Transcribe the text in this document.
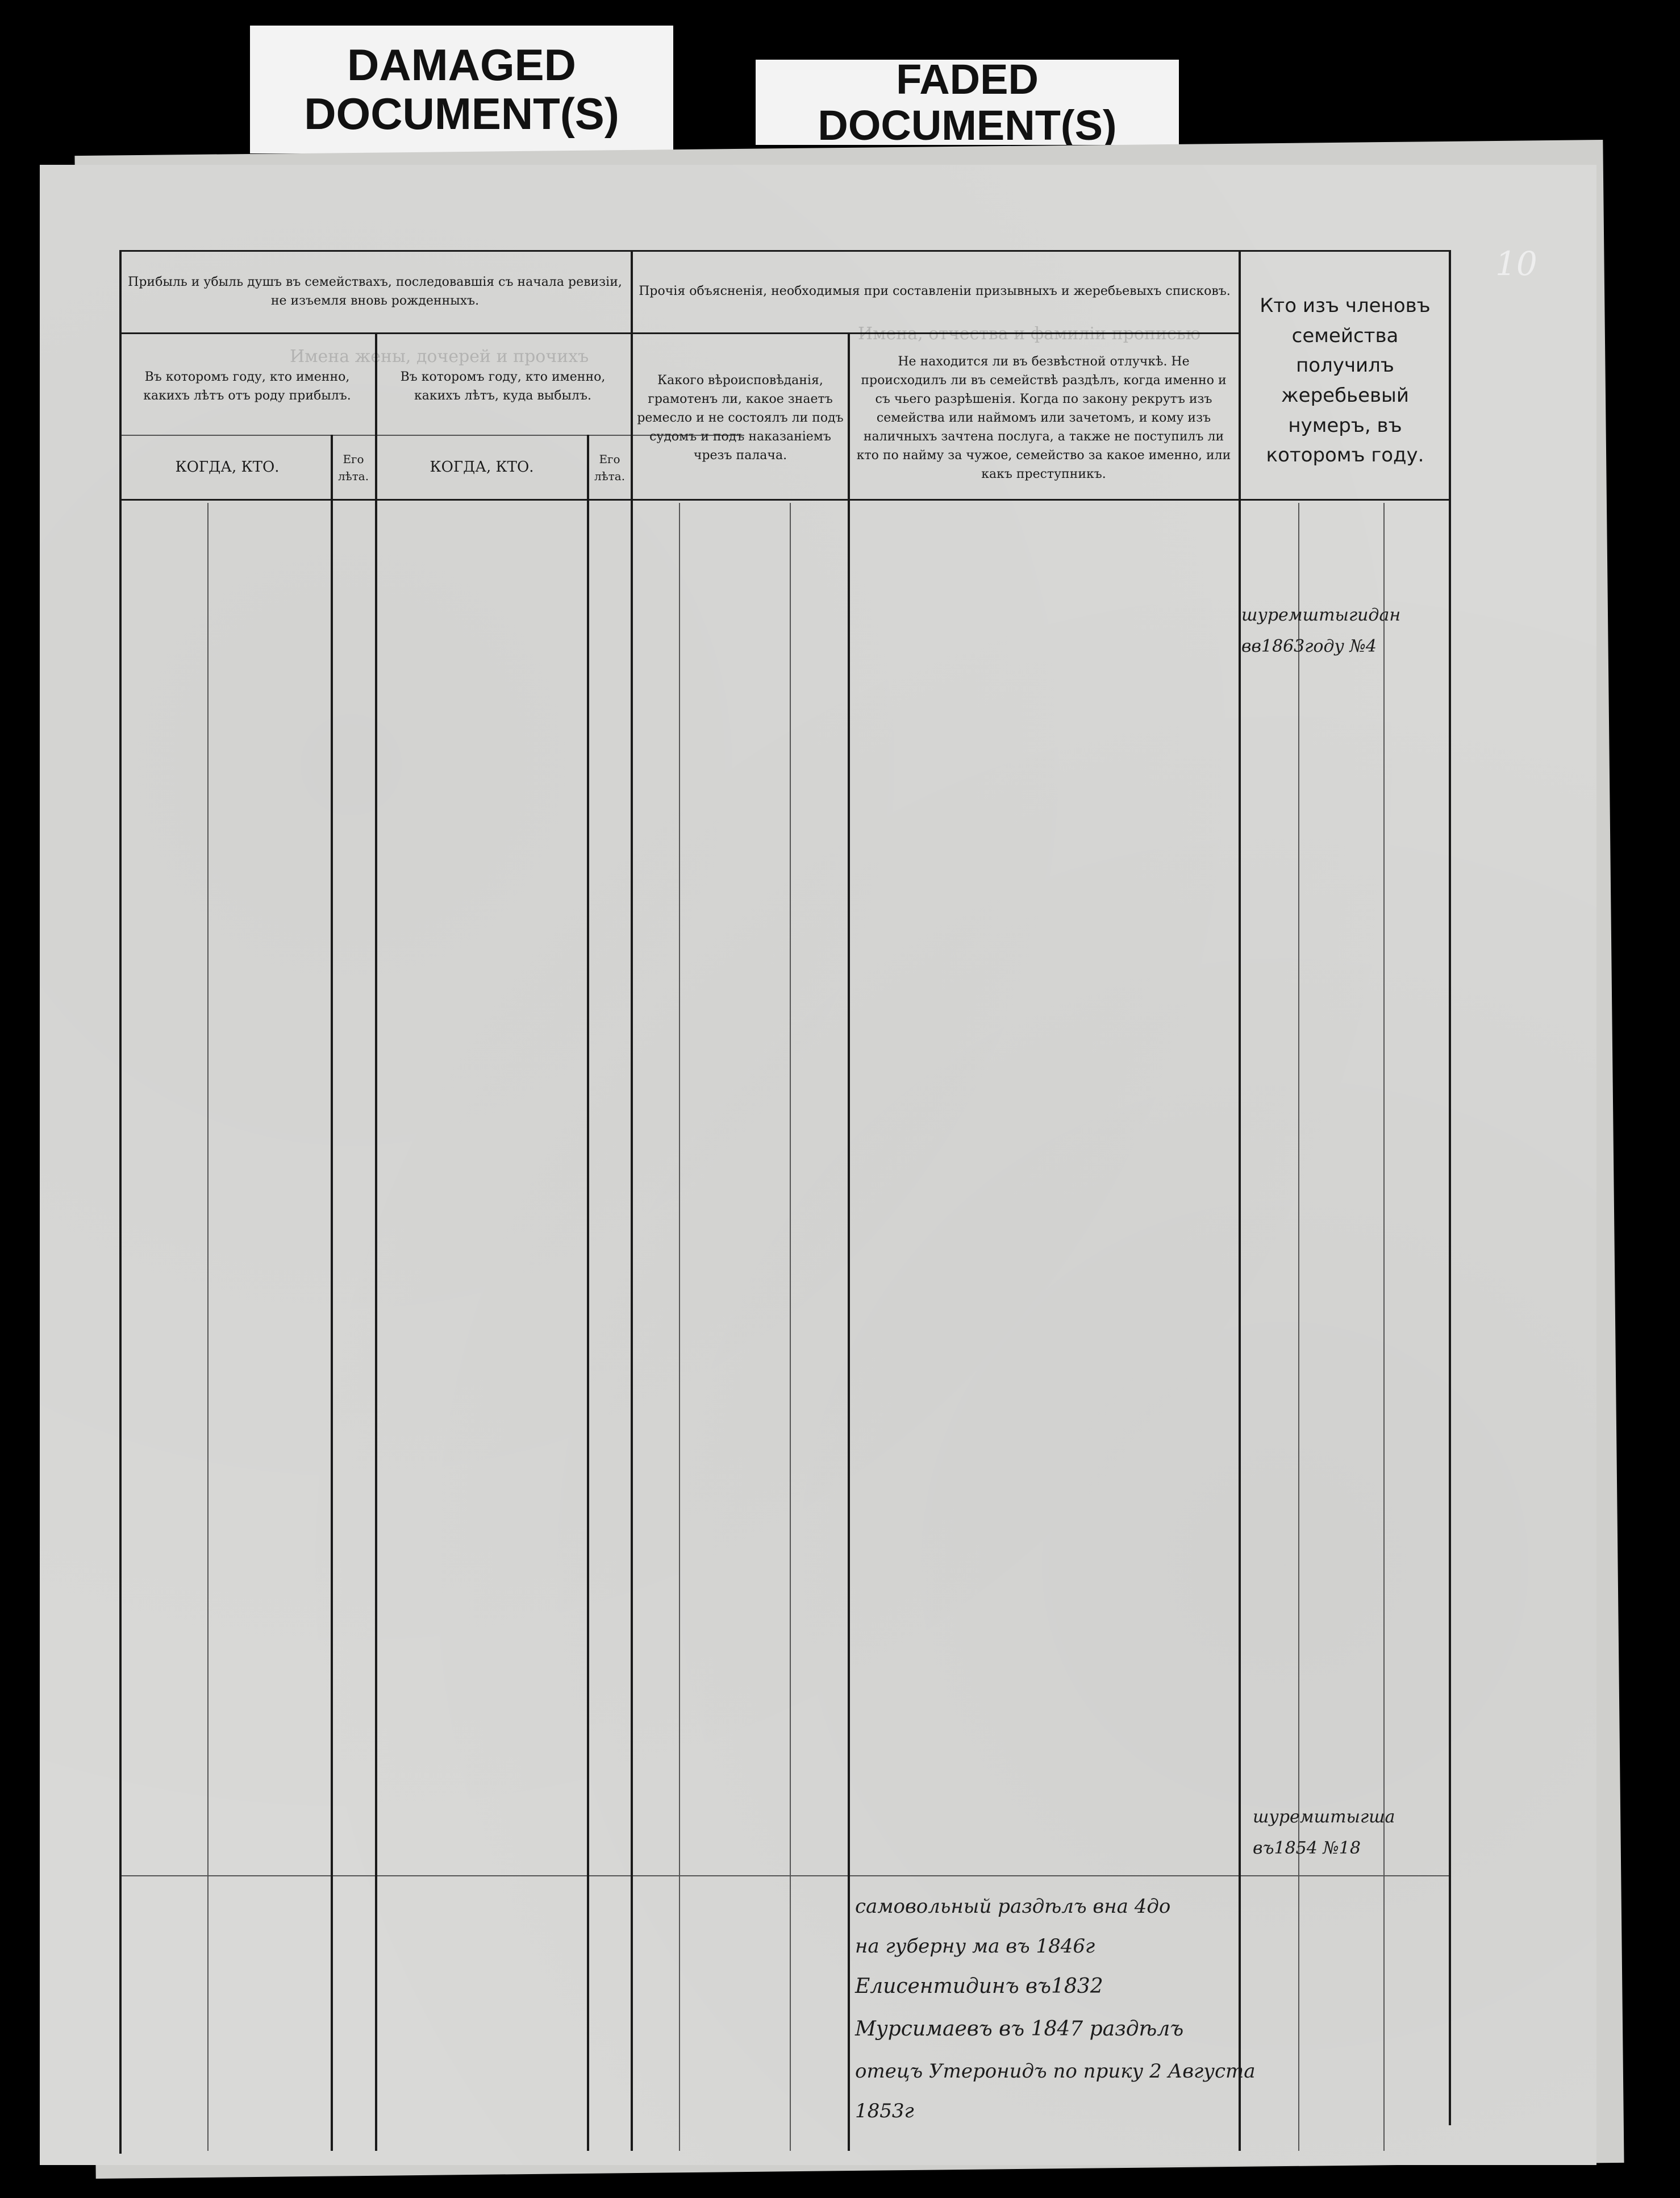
DAMAGED DOCUMENT(S)
FADED DOCUMENT(S)
10
Прибыль и убыль душъ въ семействахъ, последовавшія съ начала ревизіи, не изъемля вновь рожденныхъ.
Въ которомъ году, кто именно, какихъ лѣтъ отъ роду прибылъ.
Въ которомъ году, кто именно, какихъ лѣтъ, куда выбылъ.
КОГДА, КТО.	Его лѣта.
КОГДА, КТО.	Его лѣта.
Прочія объясненія, необходимыя при составленіи призывныхъ и жеребьевыхъ списковъ.
Какого вѣроисповѣданія, грамотенъ ли, какое знаетъ ремесло и не состоялъ ли подъ судомъ и подъ наказаніемъ чрезъ палача.
Не находится ли въ безвѣстной отлучкѣ. Не происходилъ ли въ семействѣ раздѣлъ, когда именно и съ чьего разрѣшенія. Когда по закону рекрутъ изъ семейства или наймомъ или зачетомъ, и кому изъ наличныхъ зачтена послуга, а также не поступилъ ли кто по найму за чужое, семейство за какое именно, или какъ преступникъ.
Кто изъ членовъ семейства получилъ жеребьевый нумеръ, въ которомъ году.
Имена жены, дочерей и прочихъ
Имена, отчества и фамиліи прописью
шуремштыгидан
вв1863году №4
шуремштыгша
въ1854 №18
самовольный раздѣлъ вна 4до
на губерну ма въ 1846г
Елисентидинъ въ1832
Мурсимаевъ въ 1847 раздѣлъ
отецъ Утеронидъ по прику 2 Августа
1853г
